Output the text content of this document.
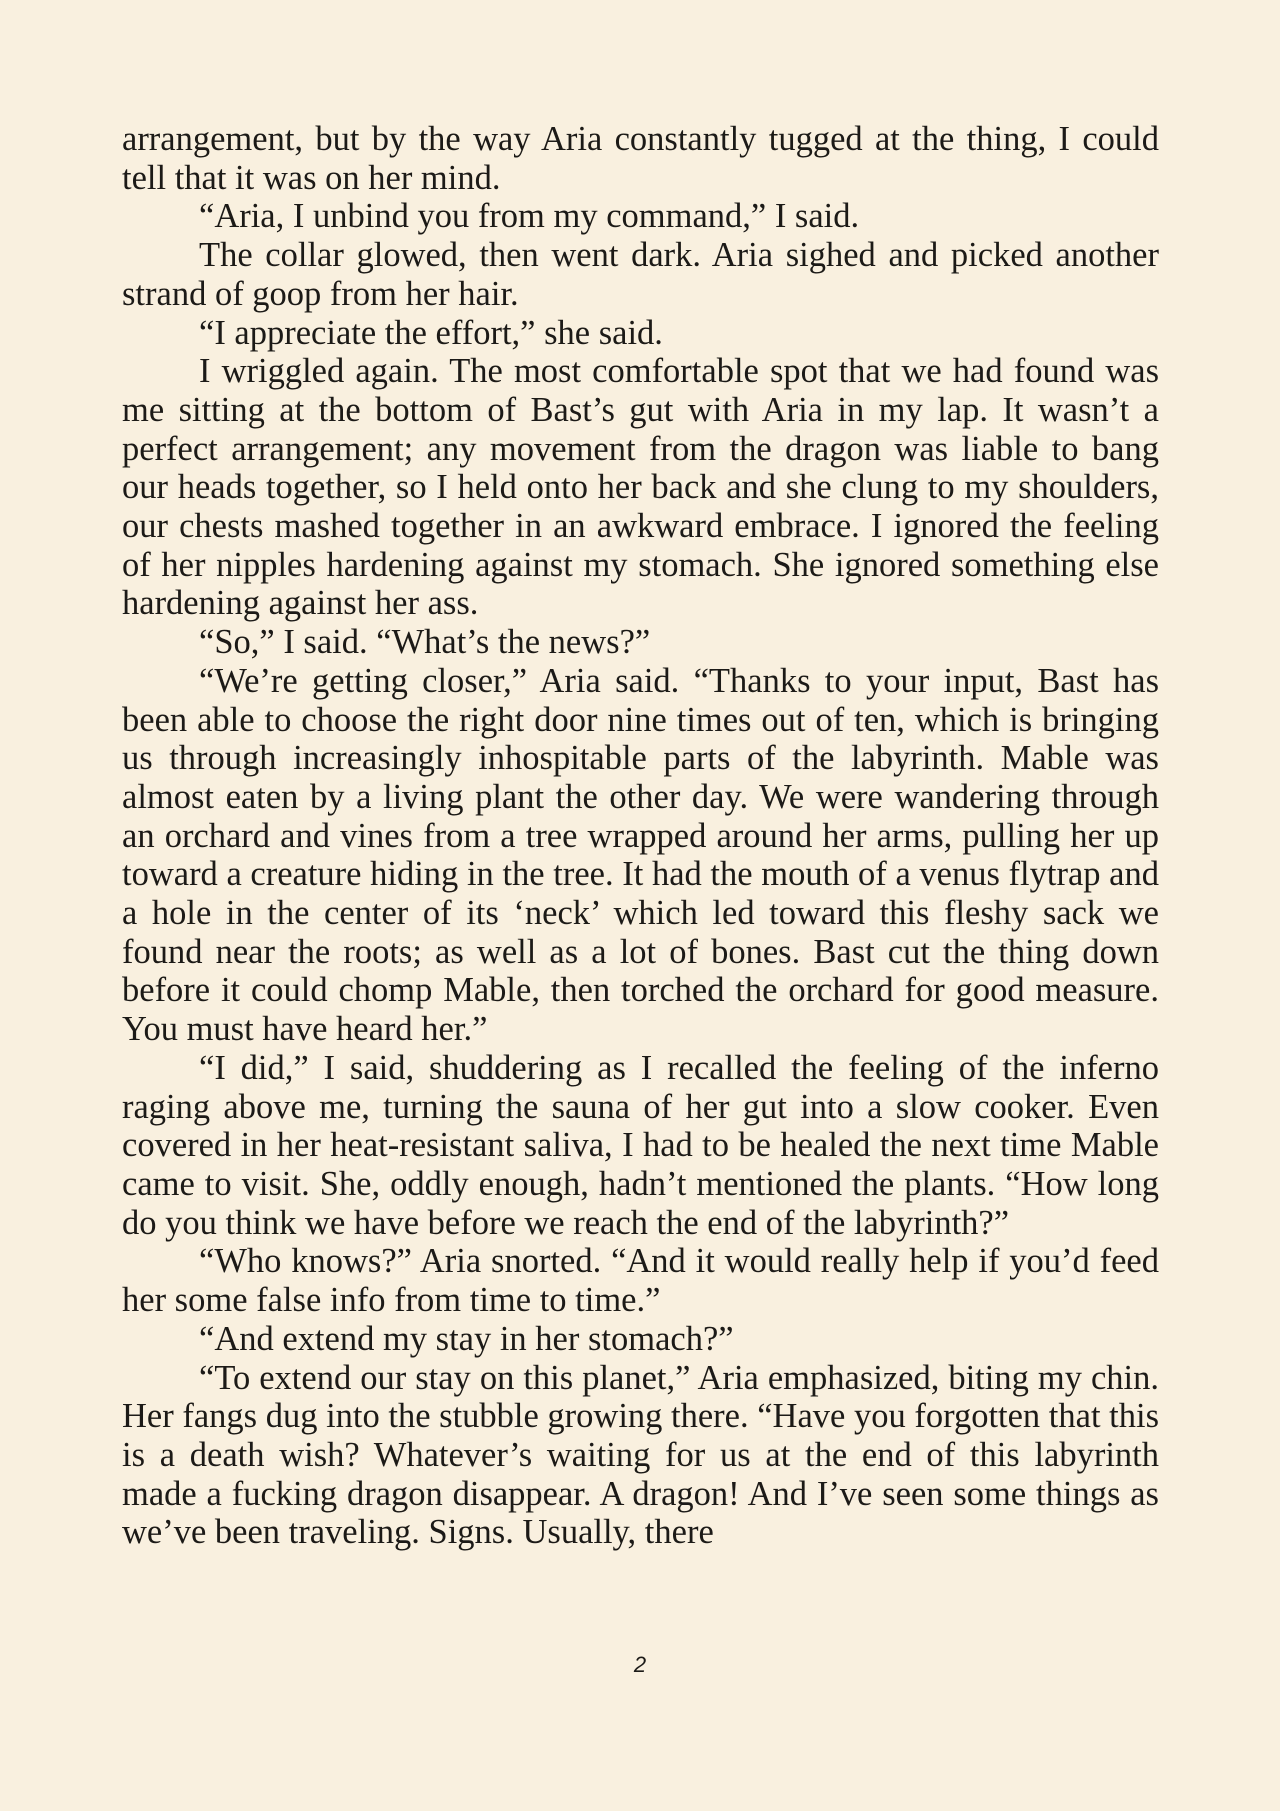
arrangement, but by the way Aria constantly tugged at the thing, I could tell that it was on her mind.

“Aria, I unbind you from my command,” I said.

The collar glowed, then went dark. Aria sighed and picked another strand of goop from her hair.

“I appreciate the effort,” she said.

I wriggled again. The most comfortable spot that we had found was me sitting at the bottom of Bast’s gut with Aria in my lap. It wasn’t a perfect arrangement; any movement from the dragon was liable to bang our heads together, so I held onto her back and she clung to my shoulders, our chests mashed together in an awkward embrace. I ignored the feeling of her nipples hardening against my stomach. She ignored something else hardening against her ass.

“So,” I said. “What’s the news?”

“We’re getting closer,” Aria said. “Thanks to your input, Bast has been able to choose the right door nine times out of ten, which is bringing us through increasingly inhospitable parts of the labyrinth. Mable was almost eaten by a living plant the other day. We were wandering through an orchard and vines from a tree wrapped around her arms, pulling her up toward a creature hiding in the tree. It had the mouth of a venus flytrap and a hole in the center of its ‘neck’ which led toward this fleshy sack we found near the roots; as well as a lot of bones. Bast cut the thing down before it could chomp Mable, then torched the orchard for good measure. You must have heard her.”

“I did,” I said, shuddering as I recalled the feeling of the inferno raging above me, turning the sauna of her gut into a slow cooker. Even covered in her heat-resistant saliva, I had to be healed the next time Mable came to visit. She, oddly enough, hadn’t mentioned the plants. “How long do you think we have before we reach the end of the labyrinth?”

“Who knows?” Aria snorted. “And it would really help if you’d feed her some false info from time to time.”

“And extend my stay in her stomach?”

“To extend our stay on this planet,” Aria emphasized, biting my chin. Her fangs dug into the stubble growing there. “Have you forgotten that this is a death wish? Whatever’s waiting for us at the end of this labyrinth made a fucking dragon disappear. A dragon! And I’ve seen some things as we’ve been traveling. Signs. Usually, there

2
